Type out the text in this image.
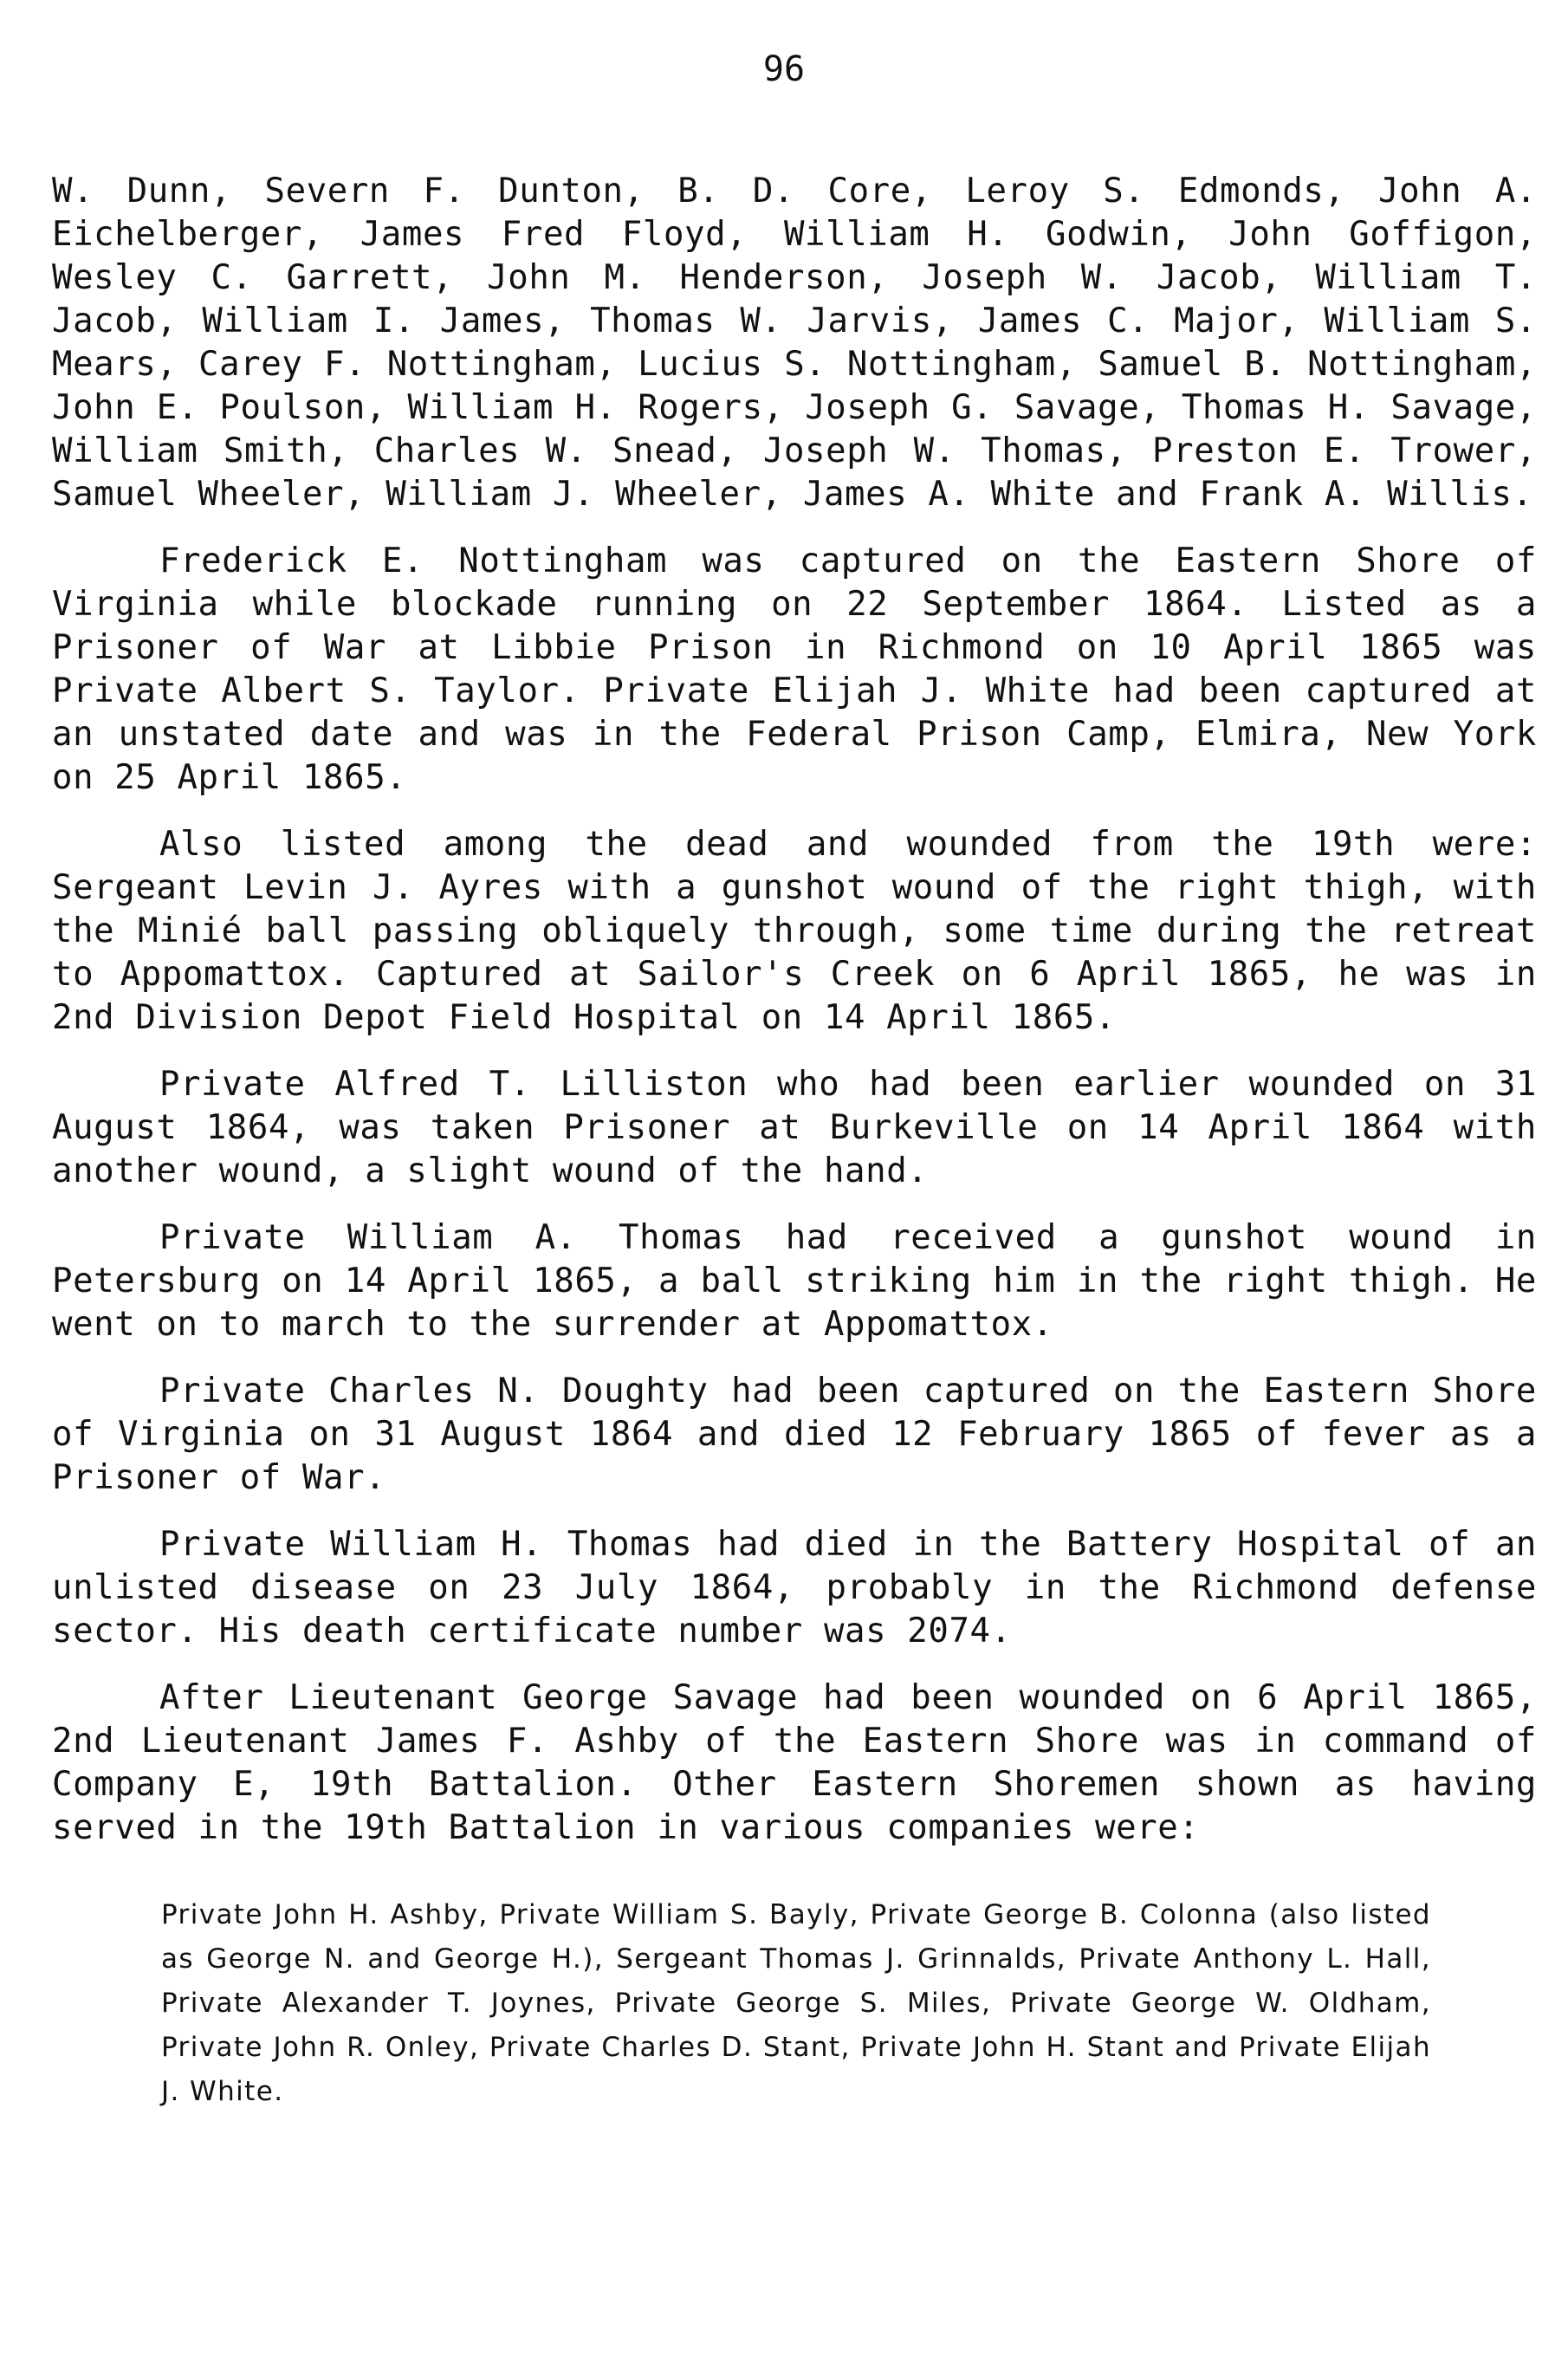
96

W. Dunn, Severn F. Dunton, B. D. Core, Leroy S. Edmonds, John A. Eichelberger, James Fred Floyd, William H. Godwin, John Goffigon, Wesley C. Garrett, John M. Henderson, Joseph W. Jacob, William T. Jacob, William I. James, Thomas W. Jarvis, James C. Major, William S. Mears, Carey F. Nottingham, Lucius S. Nottingham, Samuel B. Nottingham, John E. Poulson, William H. Rogers, Joseph G. Savage, Thomas H. Savage, William Smith, Charles W. Snead, Joseph W. Thomas, Preston E. Trower, Samuel Wheeler, William J. Wheeler, James A. White and Frank A. Willis.

Frederick E. Nottingham was captured on the Eastern Shore of Virginia while blockade running on 22 September 1864. Listed as a Prisoner of War at Libbie Prison in Richmond on 10 April 1865 was Private Albert S. Taylor. Private Elijah J. White had been captured at an unstated date and was in the Federal Prison Camp, Elmira, New York on 25 April 1865.

Also listed among the dead and wounded from the 19th were: Sergeant Levin J. Ayres with a gunshot wound of the right thigh, with the Minié ball passing obliquely through, some time during the retreat to Appomattox. Captured at Sailor's Creek on 6 April 1865, he was in 2nd Division Depot Field Hospital on 14 April 1865.

Private Alfred T. Lilliston who had been earlier wounded on 31 August 1864, was taken Prisoner at Burkeville on 14 April 1864 with another wound, a slight wound of the hand.

Private William A. Thomas had received a gunshot wound in Petersburg on 14 April 1865, a ball striking him in the right thigh. He went on to march to the surrender at Appomattox.

Private Charles N. Doughty had been captured on the Eastern Shore of Virginia on 31 August 1864 and died 12 February 1865 of fever as a Prisoner of War.

Private William H. Thomas had died in the Battery Hospital of an unlisted disease on 23 July 1864, probably in the Richmond defense sector. His death certificate number was 2074.

After Lieutenant George Savage had been wounded on 6 April 1865, 2nd Lieutenant James F. Ashby of the Eastern Shore was in command of Company E, 19th Battalion. Other Eastern Shoremen shown as having served in the 19th Battalion in various companies were:

Private John H. Ashby, Private William S. Bayly, Private George B. Colonna (also listed as George N. and George H.), Sergeant Thomas J. Grinnalds, Private Anthony L. Hall, Private Alexander T. Joynes, Private George S. Miles, Private George W. Oldham, Private John R. Onley, Private Charles D. Stant, Private John H. Stant and Private Elijah J. White.
